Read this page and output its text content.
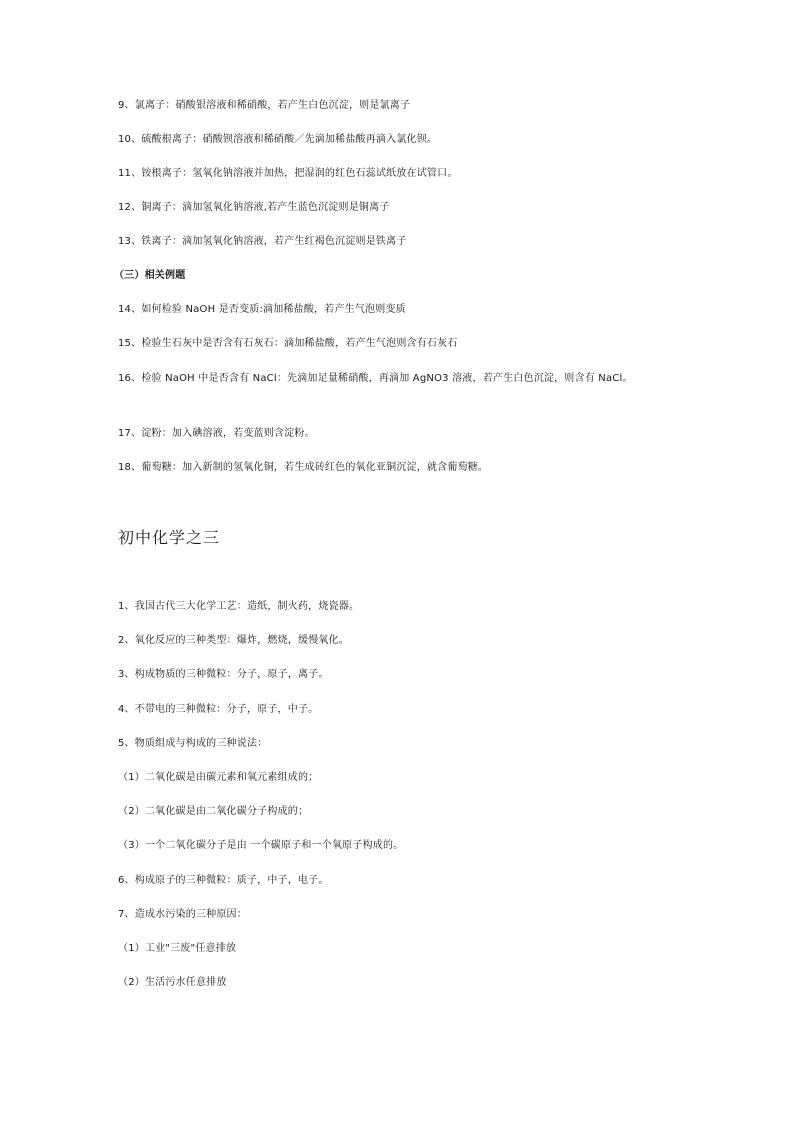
9、氯离子：硝酸银溶液和稀硝酸，若产生白色沉淀，则是氯离子
10、硫酸根离子：硝酸钡溶液和稀硝酸／先滴加稀盐酸再滴入氯化钡。
11、铵根离子：氢氧化钠溶液并加热，把湿润的红色石蕊试纸放在试管口。
12、铜离子：滴加氢氧化钠溶液,若产生蓝色沉淀则是铜离子
13、铁离子：滴加氢氧化钠溶液，若产生红褐色沉淀则是铁离子
（三）相关例题
14、如何检验 NaOH 是否变质:滴加稀盐酸，若产生气泡则变质
15、检验生石灰中是否含有石灰石：滴加稀盐酸，若产生气泡则含有石灰石
16、检验 NaOH 中是否含有 NaCl：先滴加足量稀硝酸，再滴加 AgNO3 溶液，若产生白色沉淀，则含有 NaCl。
17、淀粉：加入碘溶液，若变蓝则含淀粉。
18、葡萄糖：加入新制的氢氧化铜，若生成砖红色的氧化亚铜沉淀，就含葡萄糖。
初中化学之三
1、我国古代三大化学工艺：造纸，制火药，烧瓷器。
2、氧化反应的三种类型：爆炸，燃烧，缓慢氧化。
3、构成物质的三种微粒：分子，原子，离子。
4、不带电的三种微粒：分子，原子，中子。
5、物质组成与构成的三种说法：
（1）二氧化碳是由碳元素和氧元素组成的；
（2）二氧化碳是由二氧化碳分子构成的；
（3）一个二氧化碳分子是由 一个碳原子和一个氧原子构成的。
6、构成原子的三种微粒：质子，中子，电子。
7、造成水污染的三种原因：
（1）工业"三废"任意排放
（2）生活污水任意排放
